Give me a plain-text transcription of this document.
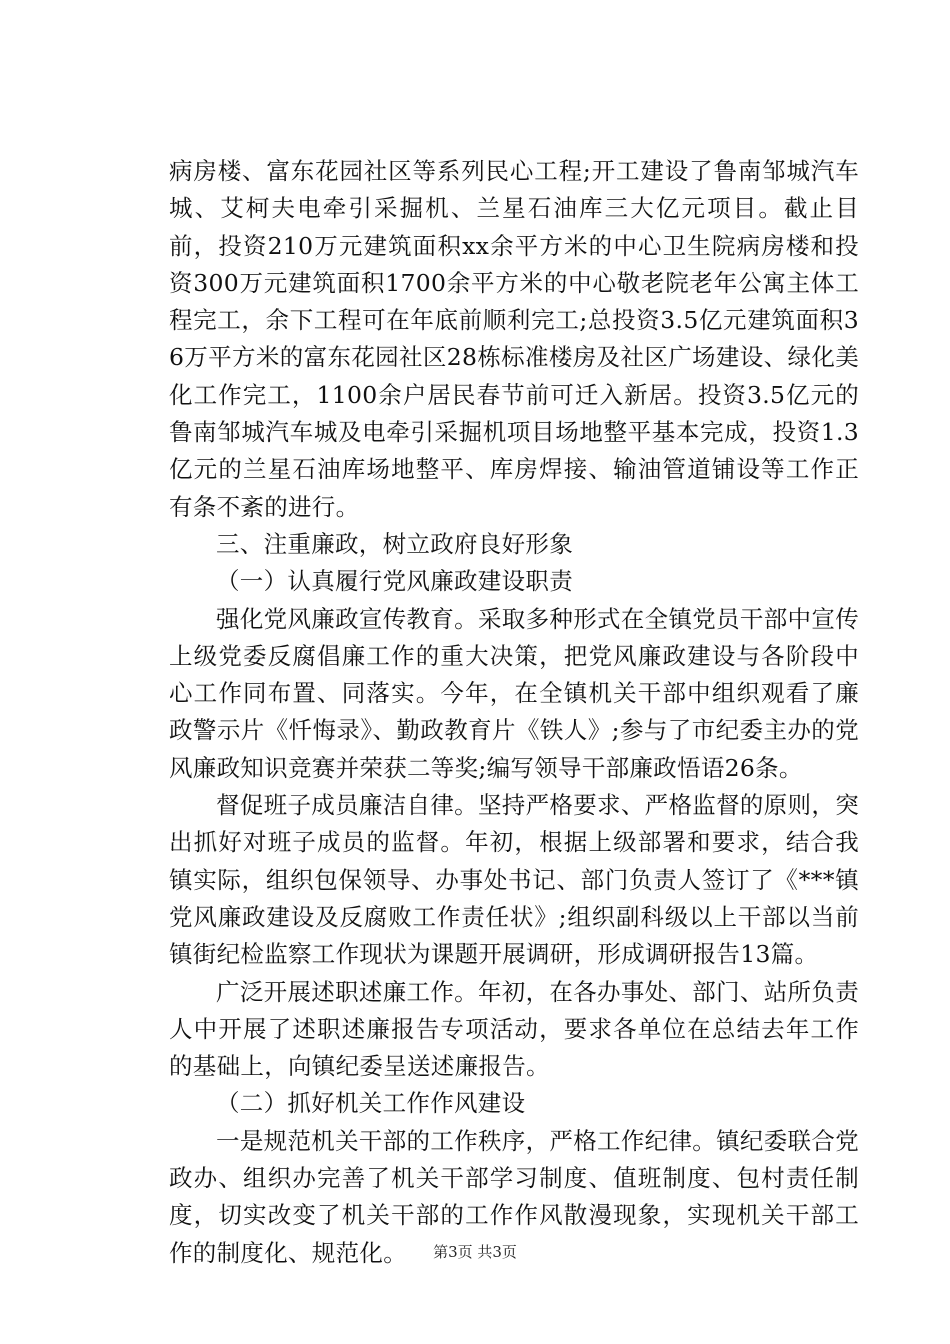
病房楼、富东花园社区等系列民心工程;开工建设了鲁南邹城汽车城、艾柯夫电牵引采掘机、兰星石油库三大亿元项目。截止目前，投资210万元建筑面积xx余平方米的中心卫生院病房楼和投资300万元建筑面积1700余平方米的中心敬老院老年公寓主体工程完工，余下工程可在年底前顺利完工;总投资3.5亿元建筑面积36万平方米的富东花园社区28栋标准楼房及社区广场建设、绿化美化工作完工，1100余户居民春节前可迁入新居。投资3.5亿元的鲁南邹城汽车城及电牵引采掘机项目场地整平基本完成，投资1.3亿元的兰星石油库场地整平、库房焊接、输油管道铺设等工作正有条不紊的进行。

三、注重廉政，树立政府良好形象

（一）认真履行党风廉政建设职责

强化党风廉政宣传教育。采取多种形式在全镇党员干部中宣传上级党委反腐倡廉工作的重大决策，把党风廉政建设与各阶段中心工作同布置、同落实。今年，在全镇机关干部中组织观看了廉政警示片《忏悔录》、勤政教育片《铁人》;参与了市纪委主办的党风廉政知识竞赛并荣获二等奖;编写领导干部廉政悟语26条。

督促班子成员廉洁自律。坚持严格要求、严格监督的原则，突出抓好对班子成员的监督。年初，根据上级部署和要求，结合我镇实际，组织包保领导、办事处书记、部门负责人签订了《***镇党风廉政建设及反腐败工作责任状》;组织副科级以上干部以当前镇街纪检监察工作现状为课题开展调研，形成调研报告13篇。

广泛开展述职述廉工作。年初，在各办事处、部门、站所负责人中开展了述职述廉报告专项活动，要求各单位在总结去年工作的基础上，向镇纪委呈送述廉报告。

（二）抓好机关工作作风建设

一是规范机关干部的工作秩序，严格工作纪律。镇纪委联合党政办、组织办完善了机关干部学习制度、值班制度、包村责任制度，切实改变了机关干部的工作作风散漫现象，实现机关干部工作的制度化、规范化。	第3页 共3页
